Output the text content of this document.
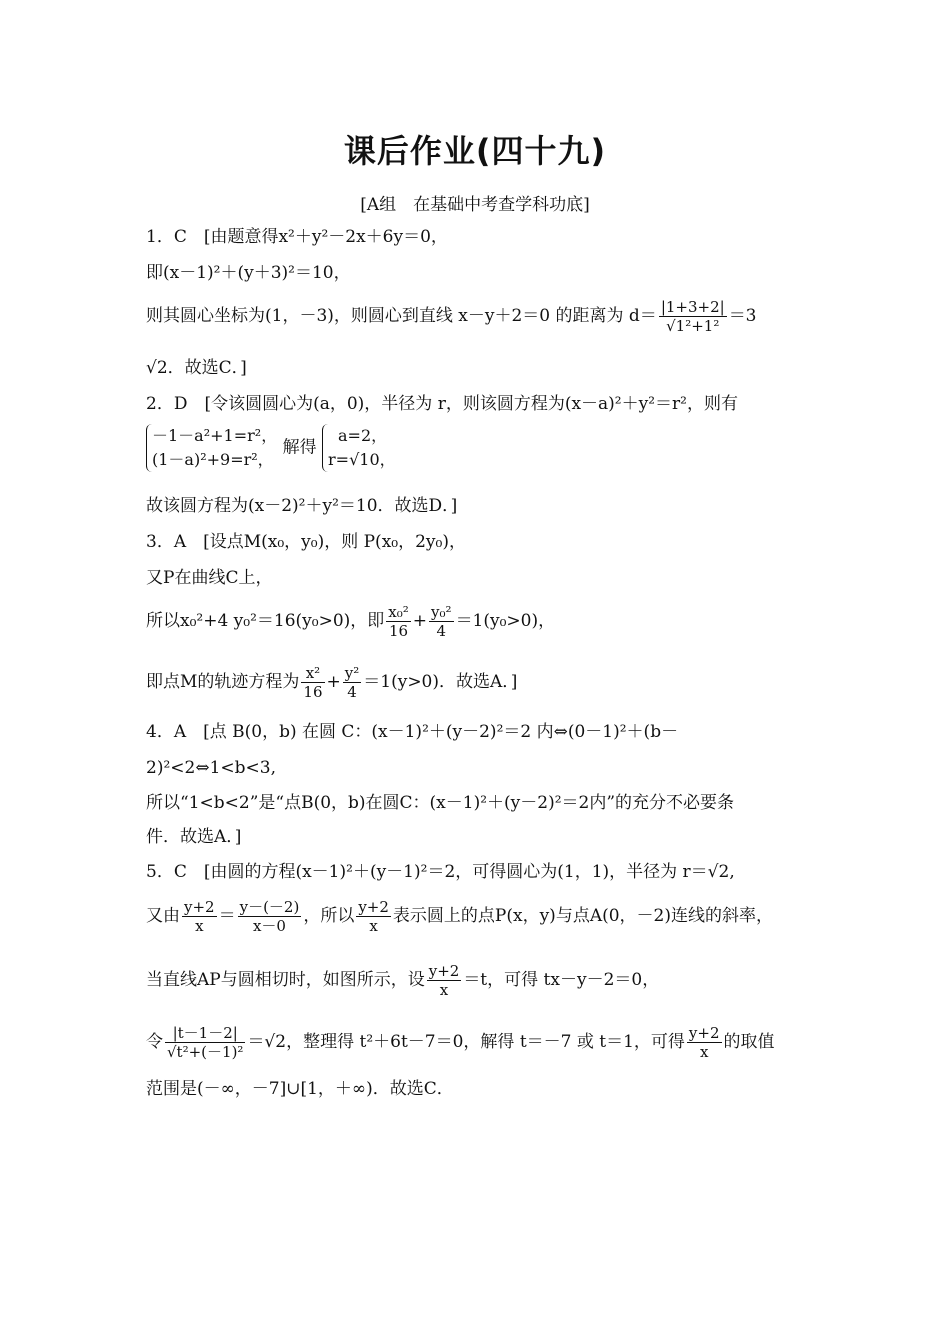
课后作业(四十九)
[A组　在基础中考查学科功底]
1．C　[由题意得x²＋y²－2x＋6y＝0，
即(x－1)²＋(y＋3)²＝10，
则其圆心坐标为(1，－3)，则圆心到直线 x－y＋2＝0 的距离为 $d= \frac{|1+3+2|}{\text{√1²+1²}} =3$
√2．故选C．]
2．D　[令该圆圆心为(a，0)，半径为 r，则该圆方程为(x－a)²＋y²＝r²，则有
－1－a²+1=r²，
(1－a)²+9=r²，
解得
a=2，
r=√10，
故该圆方程为(x－2)²＋y²＝10．故选D．]
3．A　[设点M(x₀，y₀)，则 P(x₀，2y₀)，
又P在曲线C上，
所以x₀²+4 y₀²＝16(y₀>0)，即 $\frac{\text{x₀²}}{16} + \frac{\text{y₀²}}{4} =1(y_0>0)$，
即点M的轨迹方程为 $\frac{\text{x²}}{16} + \frac{\text{y²}}{4} =1(y>0)$．故选A．]
4．A　[点 B(0，b) 在圆 C：(x－1)²＋(y－2)²＝2 内⇔(0－1)²＋(b－
2)²<2⇔1<b<3,
所以“1<b<2”是“点B(0，b)在圆C：(x－1)²＋(y－2)²＝2内”的充分不必要条
件．故选A．]
5．C　[由圆的方程(x－1)²＋(y－1)²＝2，可得圆心为(1，1)，半径为 r＝√2,
又由 $\frac{y+2}{x} = \frac{y-(-2)}{x-0}$ ，所以 $\frac{y+2}{x}$ 表示圆上的点P(x，y)与点A(0，－2)连线的斜率，
当直线AP与圆相切时，如图所示，设 $\frac{y+2}{x} =t$，可得 tx－y－2＝0，
令 $\frac{|t-1-2|}{\text{√t²+(－1)²}} =√2$，整理得 t²＋6t－7＝0，解得 t＝－7 或 t＝1，可得 $\frac{y+2}{x}$ 的取值
范围是(－∞，－7]∪[1，＋∞)．故选C．
